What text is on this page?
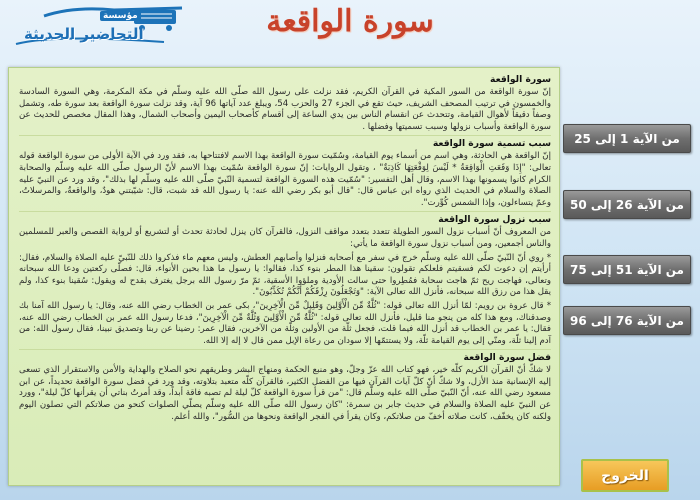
سورة الواقعة
مؤسسة
التحاضير الحديثة
سورة الواقعة

إنّ سورة الواقعة من السور المكية في القرآن الكريم، فقد نزلت على رسول الله صلّى الله عليه وسلّم في مكة المكرمة، وهي السورة السادسة والخمسون في ترتيب المصحف الشريف، حيث تقع في الجزء 27 والحزب 54، ويبلغ عدد آياتها 96 آية، وقد نزلت سورة الواقعة بعد سورة طه، وتشمل وصفاً دقيقاً لأهوال القيامة، وتتحدث عن انقسام الناس بين يدي الساعة إلى أقسام كأصحاب اليمين وأصحاب الشمال، وهذا المقال مخصص للحديث عن سورة الواقعة وأسباب نزولها وسبب تسميتها وفضلها .

سبب تسمية سورة الواقعة

إنّ الواقعة هي الحادثة، وهي اسم من أسماء يوم القيامة، وسُمّيت سورة الواقعة بهذا الاسم لافتتاحها به، فقد ورد في الآية الأولى من سورة الواقعة قوله تعالى: "إِذَا وَقَعَتِ الْوَاقِعَةُ * لَيْسَ لِوَقْعَتِهَا كَاذِبَةٌ" ، وتقول الروايات: إنّ سورة الواقعة سُمّيت بهذا الاسم لأنّ الرسول صلّى الله عليه وسلّم والصحابة الكرام كانوا يسمونها بهذا الاسم، وقال أهل التفسير: "سُمّيت هذه السورة الواقعة لتسمية النّبيّ صلّى الله عليه وسلّم لها بذلك"، وقد ورد عن النبيّ عليه الصلاة والسلام في الحديث الذي رواه ابن عباس قال: "قال أبو بكر رضي الله عنه: يا رسول الله قد شبت، قال: شيّبتني هودٌ، والواقعةُ، والمرسلاتُ، وعمّ يتساءلون، وإذا الشمس كُوِّرت".

سبب نزول سورة الواقعة

من المعروف أنّ أسباب نزول السور الطويلة تتعدد بتعدد مواقف النزول، فالقرآن كان ينزل لحادثة تحدث أو لتشريع أو لرواية القصص والعبر للمسلمين والناس أجمعين، ومن أسباب نزول سورة الواقعة ما يأتي:

* روي أنّ النّبيّ صلّى الله عليه وسلّم خرج في سفر مع أصحابه فنزلوا وأصابهم العطش، وليس معهم ماء فذكروا ذلك للنّبيّ عليه الصلاة والسلام، فقال: أرأيتم إن دعوت لكم فسقيتم فلعلكم تقولون: سقينا هذا المطر بنوء كذا، فقالوا: يا رسول ما هذا بحين الأنواء، قال: فصلّى ركعتين ودعا الله سبحانه وتعالى، فهاجت ريح ثمّ هاجت سحابة فمُطِروا حتى سالت الأودية وملؤوا الأسقية، ثمّ مرّ رسول الله برجل يغترف بقدح له ويقول: سُقينا بنوء كذا، ولم يقل هذا من رزق الله سبحانه، فأنزل الله تعالى الآية: "وَتَجْعَلُونَ رِزْقَكُمْ أَنَّكُمْ تُكَذِّبُونَ".

* قال عروة بن رويم: لمّا أنزل الله تعالى قوله: "ثُلَّةٌ مِّنَ الْأَوَّلِينَ وَقَلِيلٌ مِّنَ الْآخِرِينَ"، بكى عمر بن الخطاب رضي الله عنه، وقال: يا رسول الله آمنا بك وصدقناك، ومع هذا كله من ينجو منا قليل، فأنزل الله تعالى قوله: "ثُلَّةٌ مِّنَ الْأَوَّلِينَ وَثُلَّةٌ مِّنَ الْآخِرِينَ"، فدعا رسول الله عمر بن الخطاب رضي الله عنه، فقال: يا عمر بن الخطاب قد أنزل الله فيما قلت، فجعل ثلّة من الأولين وثلّة من الآخرين، فقال عمر: رضينا عن ربنا وتصديق نبينا، فقال رسول الله: من آدم إلينا ثلّة، ومنّي إلى يوم القيامة ثلّة، ولا يستتمّها إلا سودان من رعاة الإبل ممن قال لا إله إلا الله.

فضل سورة الواقعة

لا شكّ أنّ القرآن الكريم كلّه خير، فهو كتاب الله عزّ وجلّ، وهو منبع الحكمة ومنهاج البشر وطريقهم نحو الصلاح والهداية والأمن والاستقرار الذي تسعى إليه الإنسانية منذ الأزل، ولا شكّ أنّ كلّ آيات القرآن فيها من الفضل الكثير، فالقرآن كلّه متعبد بتلاوته، وقد ورد في فضل سورة الواقعة تحديداً، عن ابن مسعود رضي الله عنه، أنّ النّبيّ صلّى الله عليه وسلّم قال: "من قرأ سورة الواقعة كلّ ليلة لم تصبه فاقة أبداً، وقد أمرتُ بناتي أن يقرأنها كلّ ليلة"، وورد عن النبيّ عليه الصلاة والسلام في حديث جابر بن سمرة: "كان رسول الله صلّى الله عليه وسلّم يصلّي الصلوات كنحو من صلاتكم التي تصلون اليوم ولكنه كان يخفّف، كانت صلاته أخفّ من صلاتكم، وكان يقرأ في الفجر الواقعة ونحوها من السُّور"، والله أعلم.

من الآية 1 إلى 25
من الآية 26 إلى 50
من الآية 51 إلى 75
من الآية 76 إلى 96
الخروج
